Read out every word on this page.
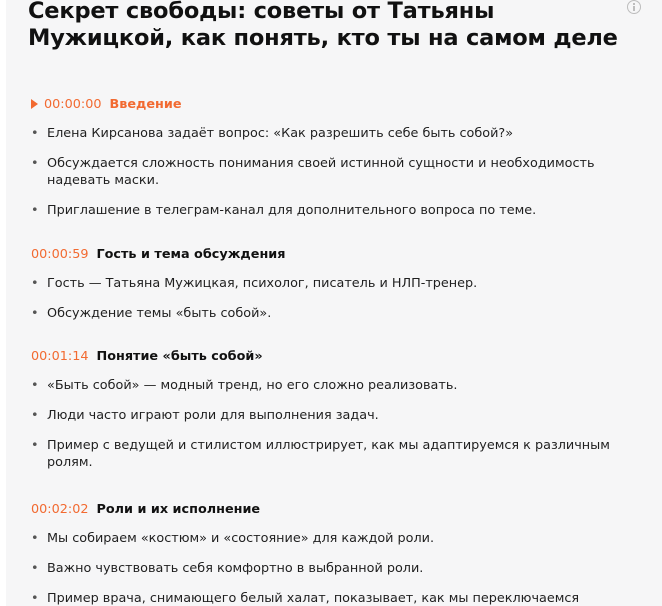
Секрет свободы: советы от Татьяны Мужицкой, как понять, кто ты на самом деле
00:00:00 Введение
• Елена Кирсанова задаёт вопрос: «Как разрешить себе быть собой?»
• Обсуждается сложность понимания своей истинной сущности и необходимость надевать маски.
• Приглашение в телеграм-канал для дополнительного вопроса по теме.
00:00:59 Гость и тема обсуждения
• Гость — Татьяна Мужицкая, психолог, писатель и НЛП-тренер.
• Обсуждение темы «быть собой».
00:01:14 Понятие «быть собой»
• «Быть собой» — модный тренд, но его сложно реализовать.
• Люди часто играют роли для выполнения задач.
• Пример с ведущей и стилистом иллюстрирует, как мы адаптируемся к различным ролям.
00:02:02 Роли и их исполнение
• Мы собираем «костюм» и «состояние» для каждой роли.
• Важно чувствовать себя комфортно в выбранной роли.
• Пример врача, снимающего белый халат, показывает, как мы переключаемся
